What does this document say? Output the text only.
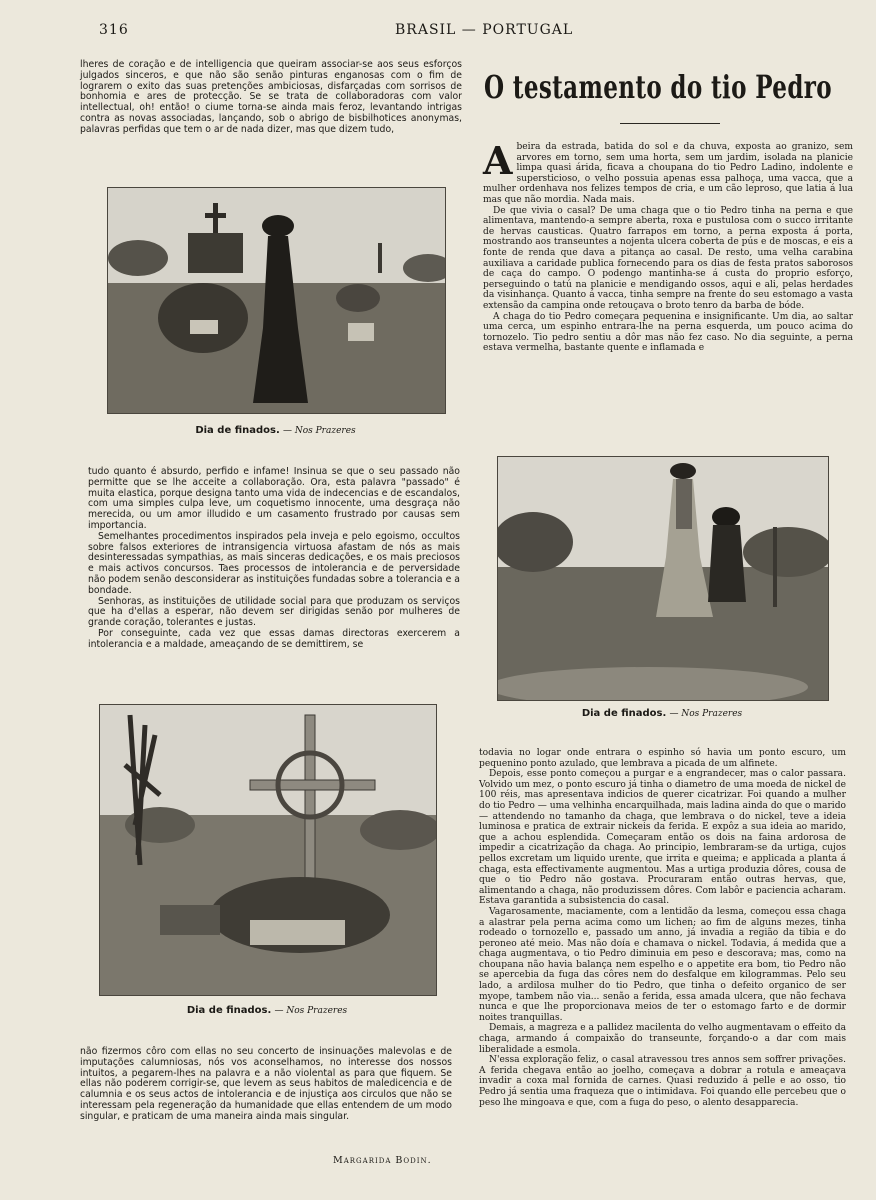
316	BRASIL — PORTUGAL

lheres de coração e de intelligencia que queiram associar-se aos seus esforços julgados sinceros, e que não são senão pinturas enganosas com o fim de lograrem o exito das suas pretenções ambiciosas, disfarçadas com sorrisos de bonhomia e ares de protecção. Se se trata de collaboradoras com valor intellectual, oh! então! o ciume torna-se ainda mais feroz, levantando intrigas contra as novas associadas, lançando, sob o abrigo de bisbilhotices anonymas, palavras perfidas que tem o ar de nada dizer, mas que dizem tudo,

Dia de finados. — Nos Prazeres

tudo quanto é absurdo, perfido e infame! Insinua se que o seu passado não permitte que se lhe acceite a collaboração. Ora, esta palavra "passado" é muita elastica, porque designa tanto uma vida de indecencias e de escandalos, com uma simples culpa leve, um coquetismo innocente, uma desgraça não merecida, ou um amor illudido e um casamento frustrado por causas sem importancia.

Semelhantes procedimentos inspirados pela inveja e pelo egoismo, occultos sobre falsos exteriores de intransigencia virtuosa afastam de nós as mais desinteressadas sympathias, as mais sinceras dedicações, e os mais preciosos e mais activos concursos. Taes processos de intolerancia e de perversidade não podem senão desconsiderar as instituições fundadas sobre a tolerancia e a bondade.

Senhoras, as instituições de utilidade social para que produzam os serviços que ha d'ellas a esperar, não devem ser dirigidas senão por mulheres de grande coração, tolerantes e justas.

Por conseguinte, cada vez que essas damas directoras exercerem a intolerancia e a maldade, ameaçando de se demittirem, se

Dia de finados. — Nos Prazeres

não fizermos côro com ellas no seu concerto de insinuações malevolas e de imputações calumniosas, nós vos aconselhamos, no interesse dos nossos intuitos, a pegarem-lhes na palavra e a não violental as para que fiquem. Se ellas não poderem corrigir-se, que levem as seus habitos de maledicencia e de calumnia e os seus actos de intolerancia e de injustiça aos circulos que não se interessam pela regeneração da humanidade que ellas entendem de um modo singular, e praticam de uma maneira ainda mais singular.

Margarida Bodin.
O testamento do tio Pedro

Abeira da estrada, batida do sol e da chuva, exposta ao granizo, sem arvores em torno, sem uma horta, sem um jardim, isolada na planicie limpa quasi árida, ficava a choupana do tio Pedro Ladino, indolente e supersticioso, o velho possuia apenas essa palhoça, uma vacca, que a mulher ordenhava nos felizes tempos de cria, e um cão leproso, que latia á lua mas que não mordia. Nada mais.

De que vivia o casal? De uma chaga que o tio Pedro tinha na perna e que alimentava, mantendo-a sempre aberta, roxa e pustulosa com o succo irritante de hervas causticas. Quatro farrapos em torno, a perna exposta á porta, mostrando aos transeuntes a nojenta ulcera coberta de pús e de moscas, e eis a fonte de renda que dava a pitança ao casal. De resto, uma velha carabina auxiliava a caridade publica fornecendo para os dias de festa pratos saborosos de caça do campo. O podengo mantinha-se á custa do proprio esforço, perseguindo o tatú na planicie e mendigando ossos, aqui e ali, pelas herdades da visinhança. Quanto á vacca, tinha sempre na frente do seu estomago a vasta extensão da campina onde retouçava o broto tenro da barba de bóde.

A chaga do tio Pedro começara pequenina e insignificante. Um dia, ao saltar uma cerca, um espinho entrara-lhe na perna esquerda, um pouco acima do tornozelo. Tio pedro sentiu a dôr mas não fez caso. No dia seguinte, a perna estava vermelha, bastante quente e inflamada e

Dia de finados. — Nos Prazeres

todavia no logar onde entrara o espinho só havia um ponto escuro, um pequenino ponto azulado, que lembrava a picada de um alfinete.

Depois, esse ponto começou a purgar e a engrandecer, mas o calor passara. Volvido um mez, o ponto escuro já tinha o diametro de uma moeda de nickel de 100 réis, mas apresentava indicios de querer cicatrizar. Foi quando a mulher do tio Pedro — uma velhinha encarquilhada, mais ladina ainda do que o marido — attendendo no tamanho da chaga, que lembrava o do nickel, teve a ideia luminosa e pratica de extrair nickeis da ferida. E expôz a sua ideia ao marido, que a achou esplendida. Começaram então os dois na faina ardorosa de impedir a cicatrização da chaga. Ao principio, lembraram-se da urtiga, cujos pellos excretam um liquido urente, que irrita e queima; e applicada a planta á chaga, esta effectivamente augmentou. Mas a urtiga produzia dôres, cousa de que o tio Pedro não gostava. Procuraram então outras hervas, que, alimentando a chaga, não produzissem dôres. Com labôr e paciencia acharam. Estava garantida a subsistencia do casal.

Vagarosamente, maciamente, com a lentidão da lesma, começou essa chaga a alastrar pela perna acima como um lichen; ao fim de alguns mezes, tinha rodeado o tornozello e, passado um anno, já invadia a região da tibia e do peroneo até meio. Mas não doía e chamava o nickel. Todavia, á medida que a chaga augmentava, o tio Pedro diminuia em peso e descorava; mas, como na choupana não havia balança nem espelho e o appetite era bom, tio Pedro não se apercebia da fuga das côres nem do desfalque em kilogrammas. Pelo seu lado, a ardilosa mulher do tio Pedro, que tinha o defeito organico de ser myope, tambem não via... senão a ferida, essa amada ulcera, que não fechava nunca e que lhe proporcionava meios de ter o estomago farto e de dormir noites tranquillas.

Demais, a magreza e a pallidez macilenta do velho augmentavam o effeito da chaga, armando á compaixão do transeunte, forçando-o a dar com mais liberalidade a esmola.

N'essa exploração feliz, o casal atravessou tres annos sem soffrer privações. A ferida chegava então ao joelho, começava a dobrar a rotula e ameaçava invadir a coxa mal fornida de carnes. Quasi reduzido á pelle e ao osso, tio Pedro já sentia uma fraqueza que o intimidava. Foi quando elle percebeu que o peso lhe mingoava e que, com a fuga do peso, o alento desapparecia.
